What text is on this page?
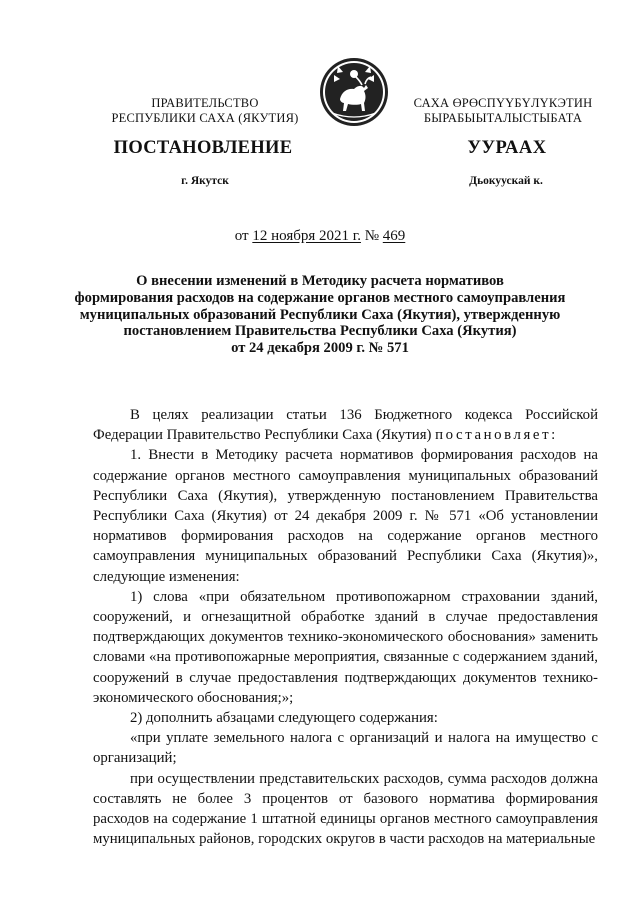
ПРАВИТЕЛЬСТВО
РЕСПУБЛИКИ САХА (ЯКУТИЯ)
САХА ӨРӨСПҮҮБҮЛҮКЭТИН
БЫРАБЫЫТАЛЫСТЫБАТА
ПОСТАНОВЛЕНИЕ	УУРААХ
г. Якутск	Дьокуускай к.
от 12 ноября 2021 г. № 469
О внесении изменений в Методику расчета нормативов
формирования расходов на содержание органов местного самоуправления
муниципальных образований Республики Саха (Якутия), утвержденную
постановлением Правительства Республики Саха (Якутия)
от 24 декабря 2009 г. № 571

В целях реализации статьи 136 Бюджетного кодекса Российской Федерации Правительство Республики Саха (Якутия) постановляет:

1. Внести в Методику расчета нормативов формирования расходов на содержание органов местного самоуправления муниципальных образований Республики Саха (Якутия), утвержденную постановлением Правительства Республики Саха (Якутия) от 24 декабря 2009 г. № 571 «Об установлении нормативов формирования расходов на содержание органов местного самоуправления муниципальных образований Республики Саха (Якутия)», следующие изменения:

1) слова «при обязательном противопожарном страховании зданий, сооружений, и огнезащитной обработке зданий в случае предоставления подтверждающих документов технико-экономического обоснования» заменить словами «на противопожарные мероприятия, связанные с содержанием зданий, сооружений в случае предоставления подтверждающих документов технико-экономического обоснования;»;

2) дополнить абзацами следующего содержания:

«при уплате земельного налога с организаций и налога на имущество с организаций;

при осуществлении представительских расходов, сумма расходов должна составлять не более 3 процентов от базового норматива формирования расходов на содержание 1 штатной единицы органов местного самоуправления муниципальных районов, городских округов в части расходов на материальные
